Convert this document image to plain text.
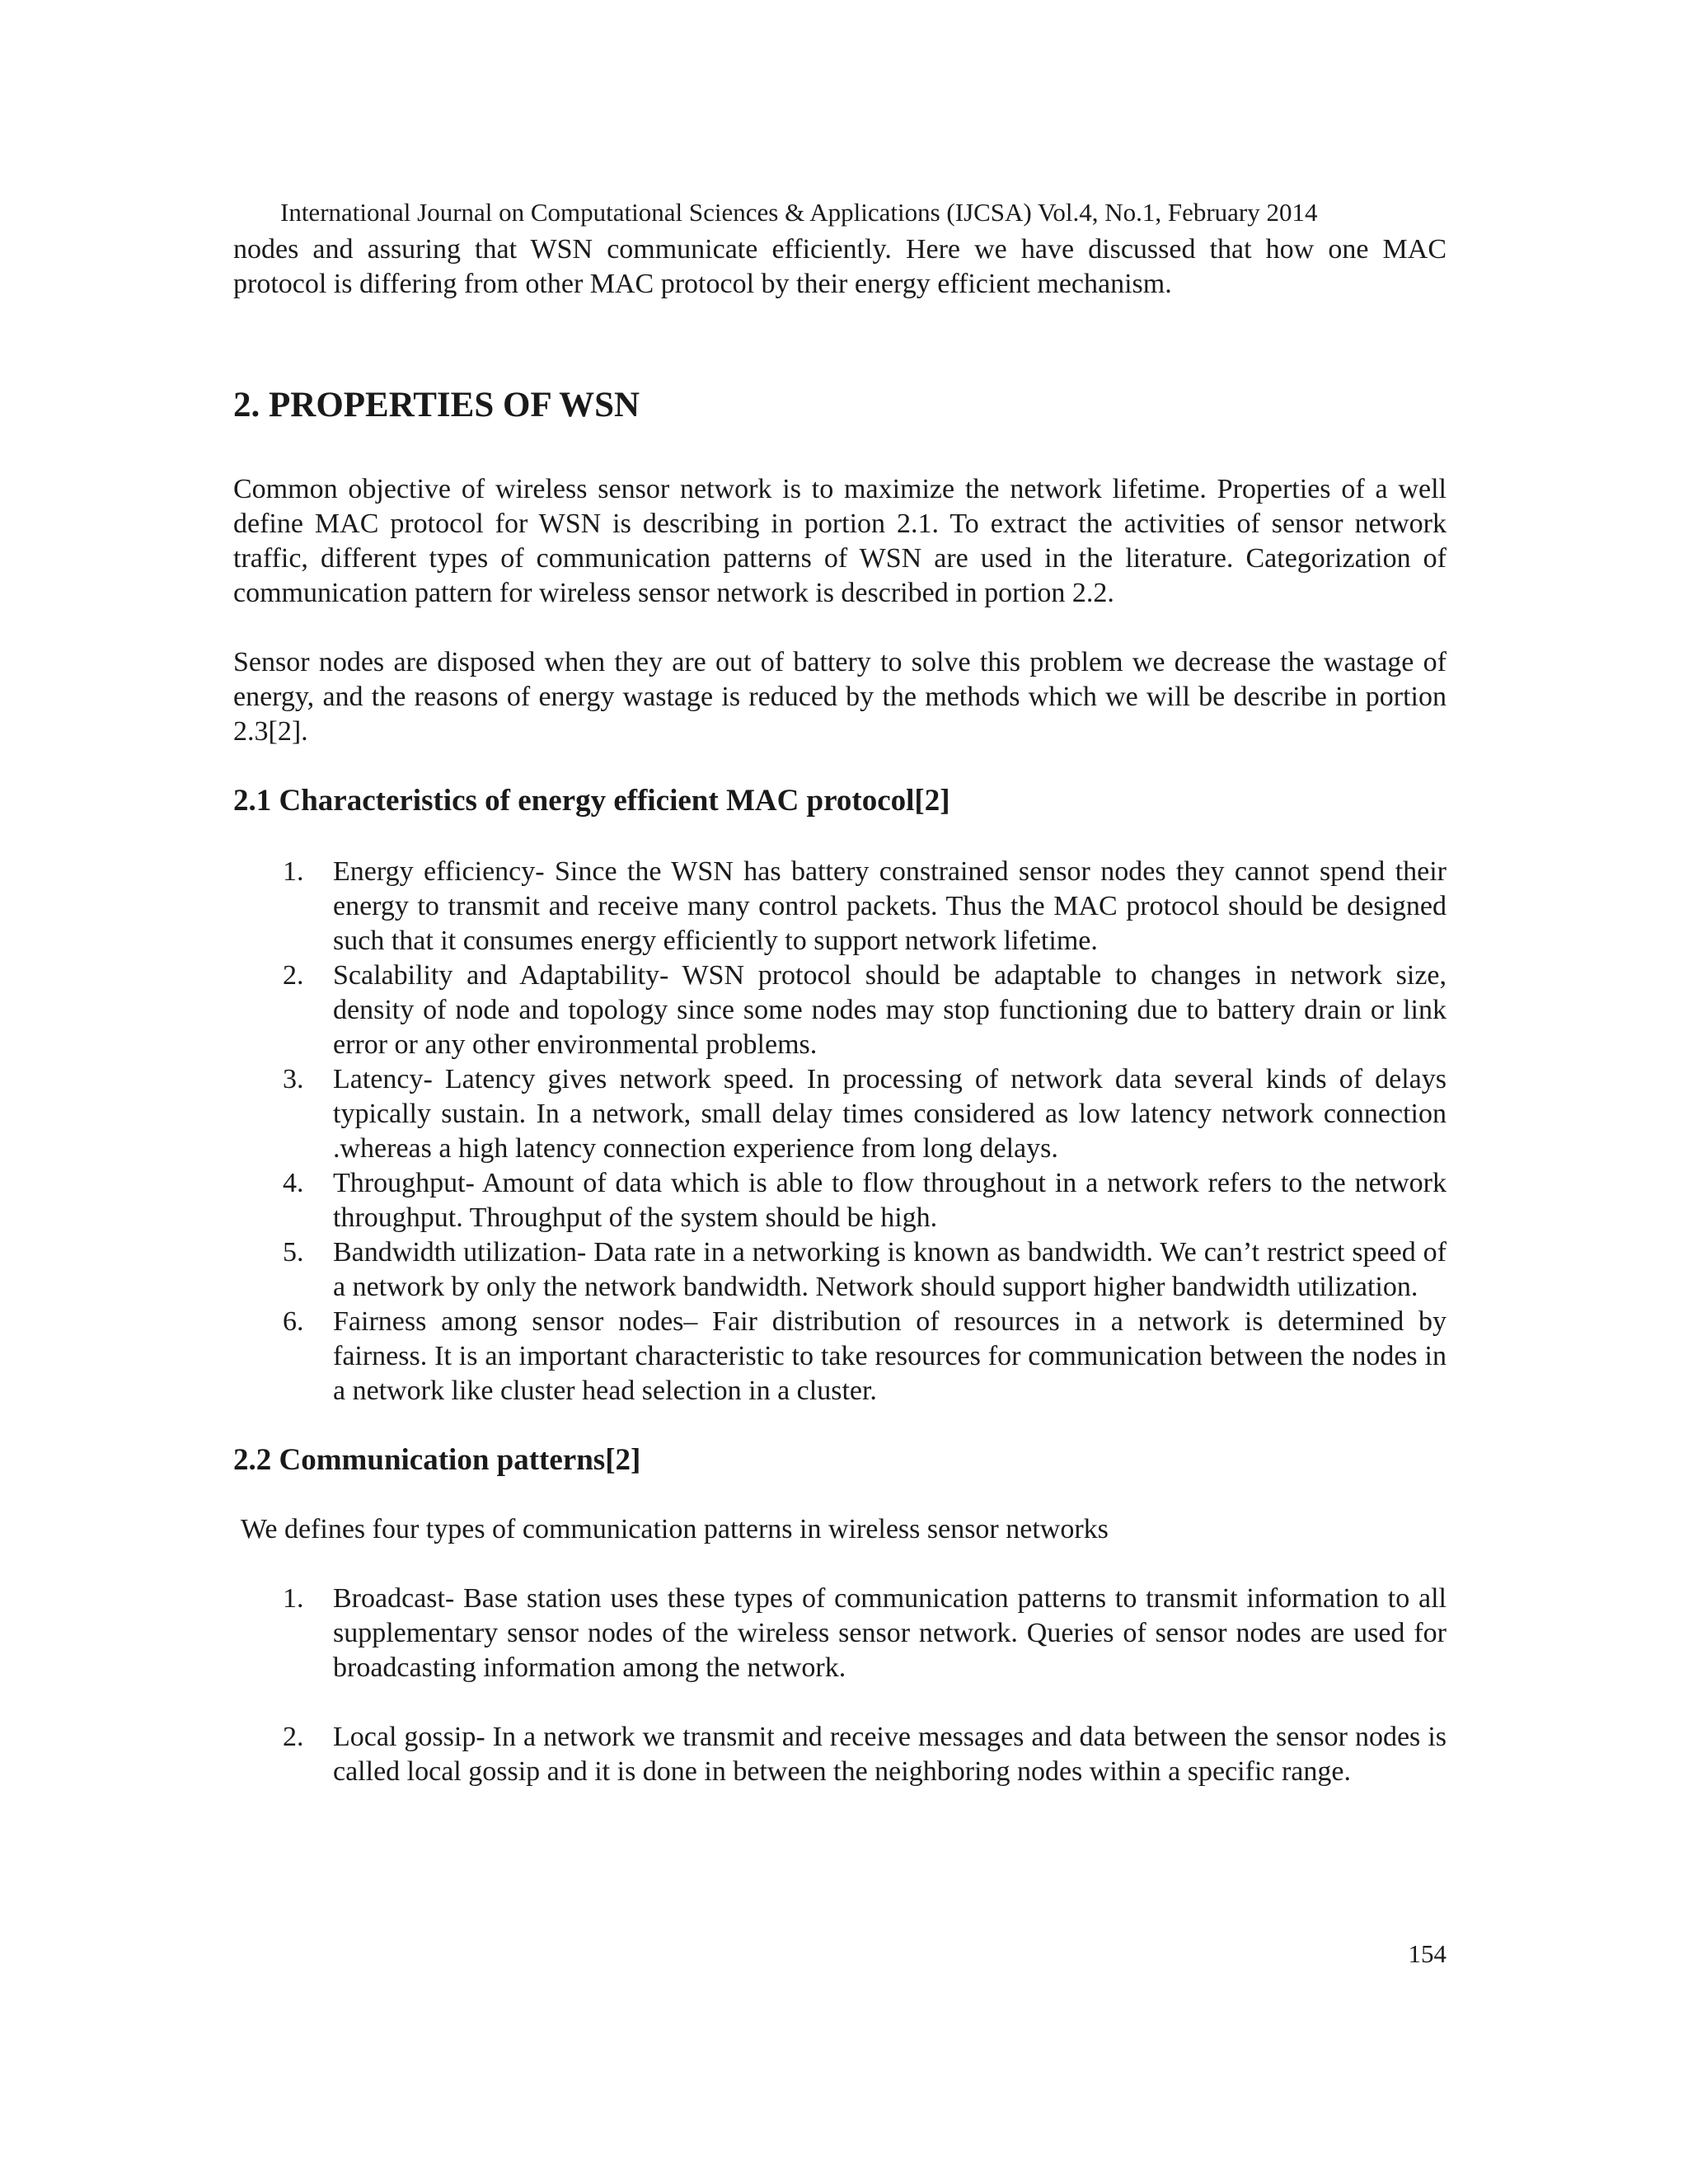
International Journal on Computational Sciences & Applications (IJCSA) Vol.4, No.1, February 2014

nodes and assuring that WSN communicate efficiently. Here we have discussed that how one MAC protocol is differing from other MAC protocol by their energy efficient mechanism.

2. PROPERTIES OF WSN

Common objective of wireless sensor network is to maximize the network lifetime. Properties of a well define MAC protocol for WSN is describing in portion 2.1. To extract the activities of sensor network traffic, different types of communication patterns of WSN are used in the literature. Categorization of communication pattern for wireless sensor network is described in portion 2.2.

Sensor nodes are disposed when they are out of battery to solve this problem we decrease the wastage of energy, and the reasons of energy wastage is reduced by the methods which we will be describe in portion 2.3[2].

2.1 Characteristics of energy efficient MAC protocol[2]
1. Energy efficiency- Since the WSN has battery constrained sensor nodes they cannot spend their energy to transmit and receive many control packets. Thus the MAC protocol should be designed such that it consumes energy efficiently to support network lifetime.
2. Scalability and Adaptability- WSN protocol should be adaptable to changes in network size, density of node and topology since some nodes may stop functioning due to battery drain or link error or any other environmental problems.
3. Latency- Latency gives network speed. In processing of network data several kinds of delays typically sustain. In a network, small delay times considered as low latency network connection .whereas a high latency connection experience from long delays.
4. Throughput- Amount of data which is able to flow throughout in a network refers to the network throughput. Throughput of the system should be high.
5. Bandwidth utilization- Data rate in a networking is known as bandwidth. We can’t restrict speed of a network by only the network bandwidth. Network should support higher bandwidth utilization.
6. Fairness among sensor nodes– Fair distribution of resources in a network is determined by fairness. It is an important characteristic to take resources for communication between the nodes in a network like cluster head selection in a cluster.
2.2 Communication patterns[2]

We defines four types of communication patterns in wireless sensor networks

1. Broadcast- Base station uses these types of communication patterns to transmit information to all supplementary sensor nodes of the wireless sensor network. Queries of sensor nodes are used for broadcasting information among the network.
2. Local gossip- In a network we transmit and receive messages and data between the sensor nodes is called local gossip and it is done in between the neighboring nodes within a specific range.
154
